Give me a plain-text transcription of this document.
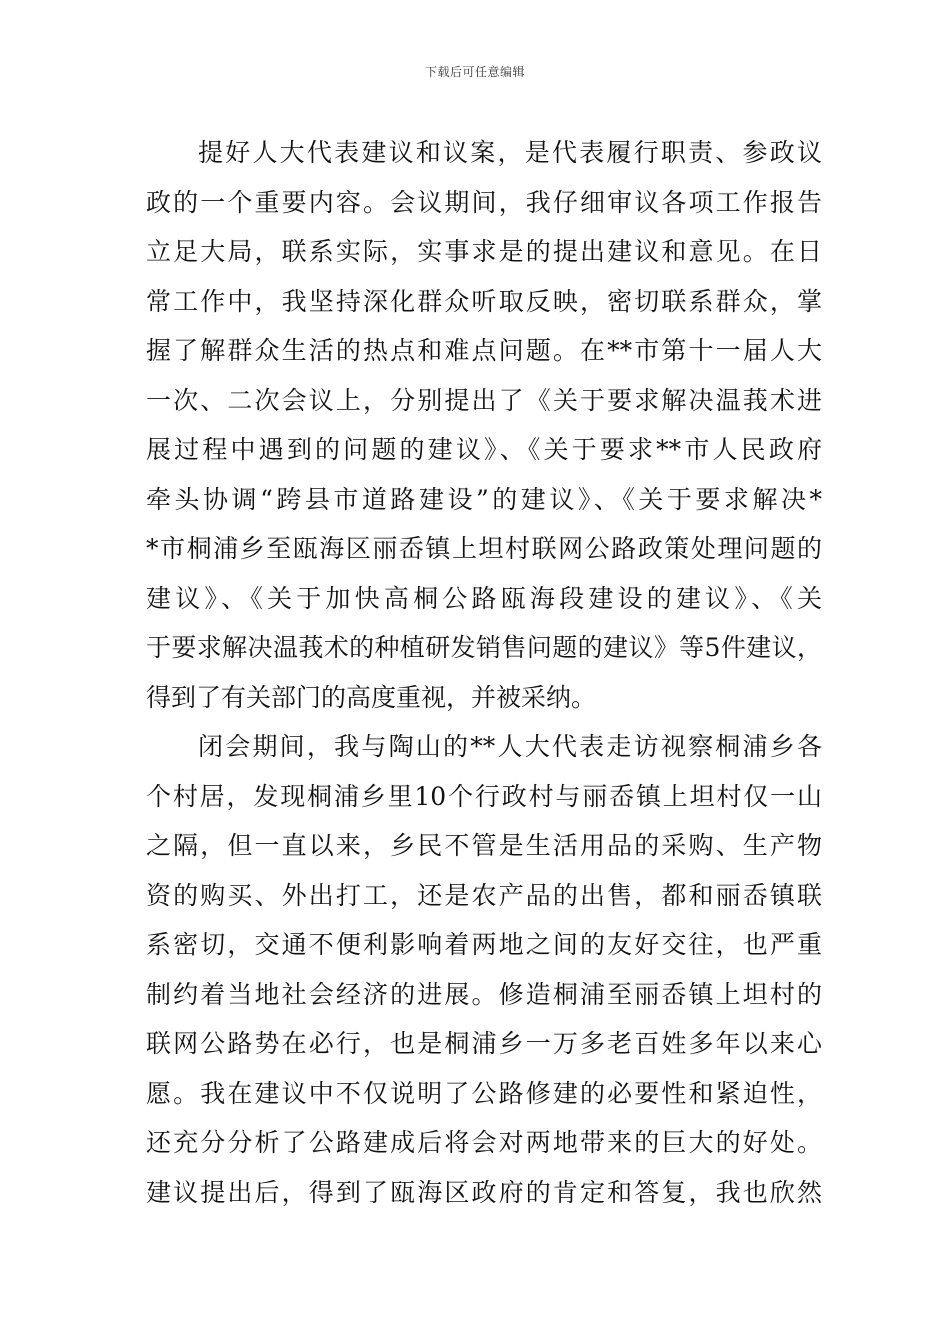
下载后可任意编辑
提好人大代表建议和议案，是代表履行职责、参政议
政的一个重要内容。会议期间，我仔细审议各项工作报告
立足大局，联系实际，实事求是的提出建议和意见。在日
常工作中，我坚持深化群众听取反映，密切联系群众，掌
握了解群众生活的热点和难点问题。在**市第十一届人大
一次、二次会议上，分别提出了《关于要求解决温莪术进
展过程中遇到的问题的建议》、《关于要求**市人民政府
牵头协调“跨县市道路建设”的建议》、《关于要求解决*
*市桐浦乡至瓯海区丽岙镇上坦村联网公路政策处理问题的
建议》、《关于加快高桐公路瓯海段建设的建议》、《关
于要求解决温莪术的种植研发销售问题的建议》等5件建议，
得到了有关部门的高度重视，并被采纳。
闭会期间，我与陶山的**人大代表走访视察桐浦乡各
个村居，发现桐浦乡里10个行政村与丽岙镇上坦村仅一山
之隔，但一直以来，乡民不管是生活用品的采购、生产物
资的购买、外出打工，还是农产品的出售，都和丽岙镇联
系密切，交通不便利影响着两地之间的友好交往，也严重
制约着当地社会经济的进展。修造桐浦至丽岙镇上坦村的
联网公路势在必行，也是桐浦乡一万多老百姓多年以来心
愿。我在建议中不仅说明了公路修建的必要性和紧迫性，
还充分分析了公路建成后将会对两地带来的巨大的好处。
建议提出后，得到了瓯海区政府的肯定和答复，我也欣然
